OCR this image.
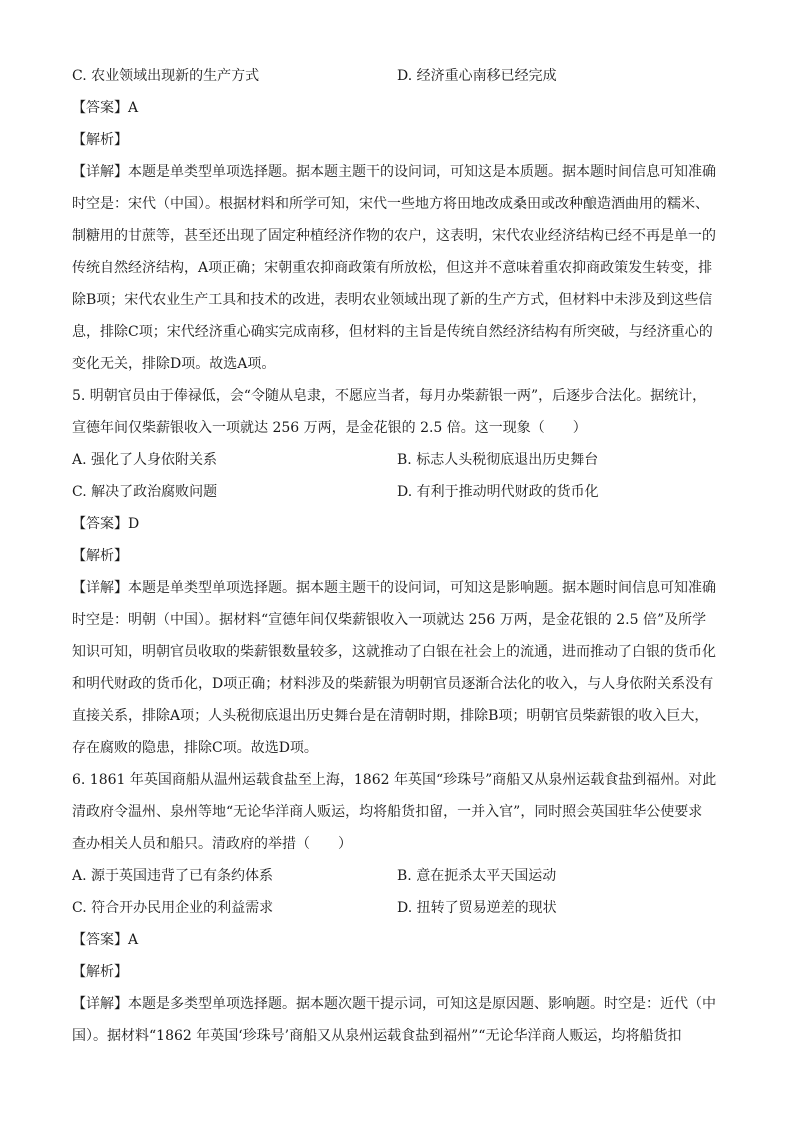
C. 农业领域出现新的生产方式	D. 经济重心南移已经完成
【答案】A
【解析】
【详解】本题是单类型单项选择题。据本题主题干的设问词，可知这是本质题。据本题时间信息可知准确
时空是：宋代（中国）。根据材料和所学可知，宋代一些地方将田地改成桑田或改种酿造酒曲用的糯米、
制糖用的甘蔗等，甚至还出现了固定种植经济作物的农户，这表明，宋代农业经济结构已经不再是单一的
传统自然经济结构，A项正确；宋朝重农抑商政策有所放松，但这并不意味着重农抑商政策发生转变，排
除B项；宋代农业生产工具和技术的改进，表明农业领域出现了新的生产方式，但材料中未涉及到这些信
息，排除C项；宋代经济重心确实完成南移，但材料的主旨是传统自然经济结构有所突破，与经济重心的
变化无关，排除D项。故选A项。
5. 明朝官员由于俸禄低，会“令随从皂隶，不愿应当者，每月办柴薪银一两”，后逐步合法化。据统计，
宣德年间仅柴薪银收入一项就达 256 万两，是金花银的 2.5 倍。这一现象（　　）
A. 强化了人身依附关系	B. 标志人头税彻底退出历史舞台
C. 解决了政治腐败问题	D. 有利于推动明代财政的货币化
【答案】D
【解析】
【详解】本题是单类型单项选择题。据本题主题干的设问词，可知这是影响题。据本题时间信息可知准确
时空是：明朝（中国）。据材料“宣德年间仅柴薪银收入一项就达 256 万两，是金花银的 2.5 倍”及所学
知识可知，明朝官员收取的柴薪银数量较多，这就推动了白银在社会上的流通，进而推动了白银的货币化
和明代财政的货币化，D项正确；材料涉及的柴薪银为明朝官员逐渐合法化的收入，与人身依附关系没有
直接关系，排除A项；人头税彻底退出历史舞台是在清朝时期，排除B项；明朝官员柴薪银的收入巨大，
存在腐败的隐患，排除C项。故选D项。
6. 1861 年英国商船从温州运载食盐至上海，1862 年英国“珍珠号”商船又从泉州运载食盐到福州。对此
清政府令温州、泉州等地“无论华洋商人贩运，均将船货扣留，一并入官”，同时照会英国驻华公使要求
查办相关人员和船只。清政府的举措（　　）
A. 源于英国违背了已有条约体系	B. 意在扼杀太平天国运动
C. 符合开办民用企业的利益需求	D. 扭转了贸易逆差的现状
【答案】A
【解析】
【详解】本题是多类型单项选择题。据本题次题干提示词，可知这是原因题、影响题。时空是：近代（中
国）。据材料“1862 年英国‘珍珠号’商船又从泉州运载食盐到福州”“无论华洋商人贩运，均将船货扣
